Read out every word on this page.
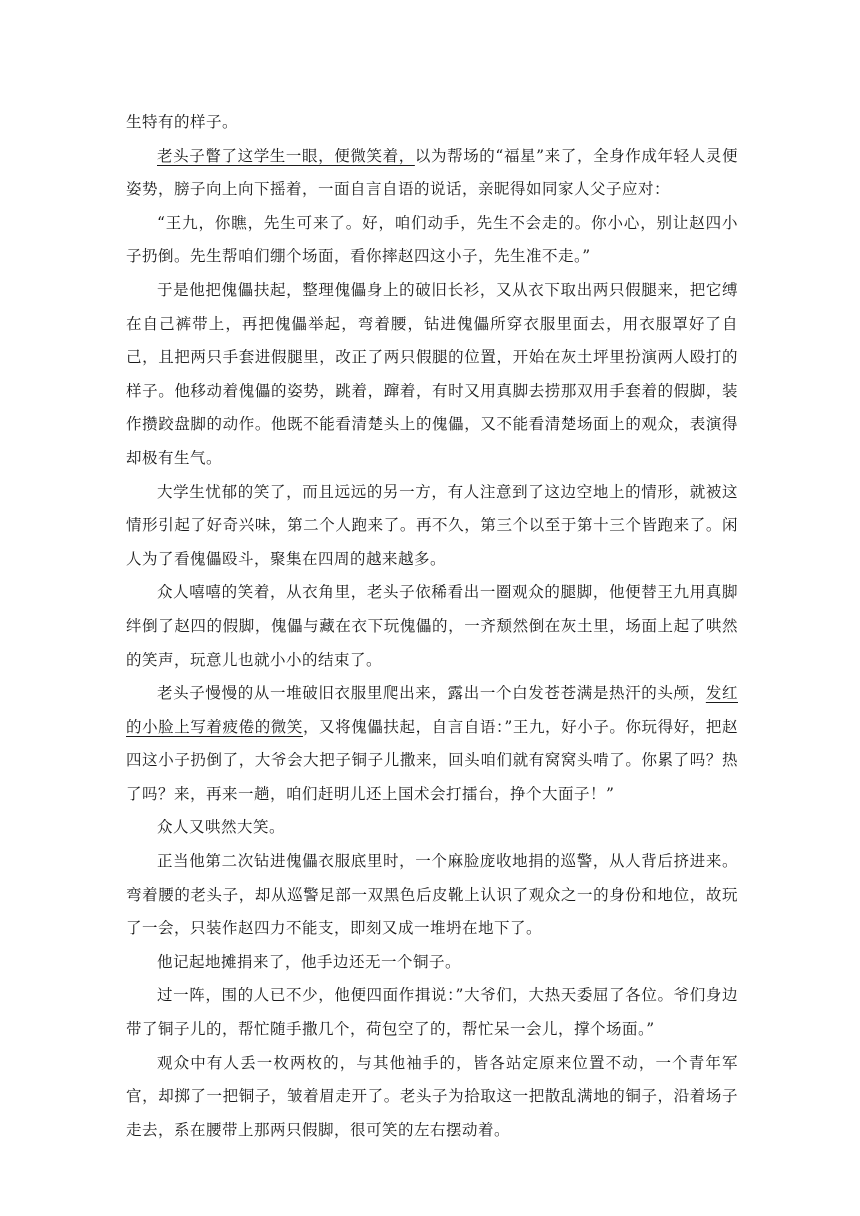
生特有的样子。

老头子瞥了这学生一眼，便微笑着，以为帮场的“福星”来了，全身作成年轻人灵便姿势，膀子向上向下摇着，一面自言自语的说话，亲昵得如同家人父子应对：

“王九，你瞧，先生可来了。好，咱们动手，先生不会走的。你小心，别让赵四小子扔倒。先生帮咱们绷个场面，看你摔赵四这小子，先生准不走。”

于是他把傀儡扶起，整理傀儡身上的破旧长衫，又从衣下取出两只假腿来，把它缚在自己裤带上，再把傀儡举起，弯着腰，钻进傀儡所穿衣服里面去，用衣服罩好了自己，且把两只手套进假腿里，改正了两只假腿的位置，开始在灰土坪里扮演两人殴打的样子。他移动着傀儡的姿势，跳着，蹿着，有时又用真脚去捞那双用手套着的假脚，装作攒跤盘脚的动作。他既不能看清楚头上的傀儡，又不能看清楚场面上的观众，表演得却极有生气。

大学生忧郁的笑了，而且远远的另一方，有人注意到了这边空地上的情形，就被这情形引起了好奇兴味，第二个人跑来了。再不久，第三个以至于第十三个皆跑来了。闲人为了看傀儡殴斗，聚集在四周的越来越多。

众人嘻嘻的笑着，从衣角里，老头子依稀看出一圈观众的腿脚，他便替王九用真脚绊倒了赵四的假脚，傀儡与藏在衣下玩傀儡的，一齐颓然倒在灰土里，场面上起了哄然的笑声，玩意儿也就小小的结束了。

老头子慢慢的从一堆破旧衣服里爬出来，露出一个白发苍苍满是热汗的头颅，发红的小脸上写着疲倦的微笑，又将傀儡扶起，自言自语：”王九，好小子。你玩得好，把赵四这小子扔倒了，大爷会大把子铜子儿撒来，回头咱们就有窝窝头啃了。你累了吗？热了吗？来，再来一趟，咱们赶明儿还上国术会打擂台，挣个大面子！”

众人又哄然大笑。

正当他第二次钻进傀儡衣服底里时，一个麻脸庞收地捐的巡警，从人背后挤进来。弯着腰的老头子，却从巡警足部一双黑色后皮靴上认识了观众之一的身份和地位，故玩了一会，只装作赵四力不能支，即刻又成一堆坍在地下了。

他记起地摊捐来了，他手边还无一个铜子。

过一阵，围的人已不少，他便四面作揖说：”大爷们，大热天委屈了各位。爷们身边带了铜子儿的，帮忙随手撒几个，荷包空了的，帮忙呆一会儿，撑个场面。”

观众中有人丢一枚两枚的，与其他袖手的，皆各站定原来位置不动，一个青年军官，却掷了一把铜子，皱着眉走开了。老头子为拾取这一把散乱满地的铜子，沿着场子走去，系在腰带上那两只假脚，很可笑的左右摆动着。
